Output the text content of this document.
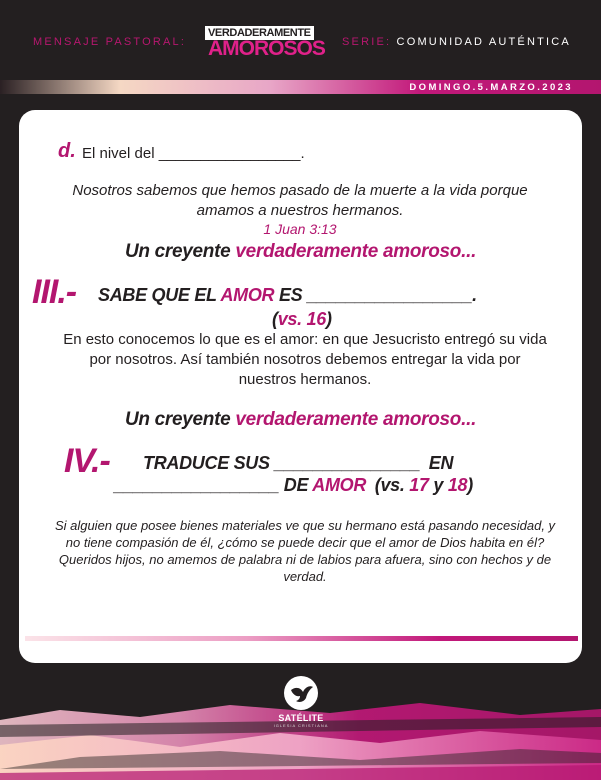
MENSAJE PASTORAL:
VERDADERAMENTE
AMOROSOS SERIE: COMUNIDAD AUTÉNTICA
DOMINGO.5.MARZO.2023
d. El nivel del _________________.
Nosotros sabemos que hemos pasado de la muerte a la vida porque amamos a nuestros hermanos.
1 Juan 3:13
Un creyente verdaderamente amoroso...
III.- SABE QUE EL AMOR ES _________________.
(vs. 16)
En esto conocemos lo que es el amor: en que Jesucristo entregó su vida por nosotros. Así también nosotros debemos entregar la vida por nuestros hermanos.
Un creyente verdaderamente amoroso...
IV.- TRADUCE SUS _______________ EN
_________________ DE AMOR (vs. 17 y 18)
Si alguien que posee bienes materiales ve que su hermano está pasando necesidad, y no tiene compasión de él, ¿cómo se puede decir que el amor de Dios habita en él? Queridos hijos, no amemos de palabra ni de labios para afuera, sino con hechos y de verdad.
SATÉLITE
IGLESIA CRISTIANA
